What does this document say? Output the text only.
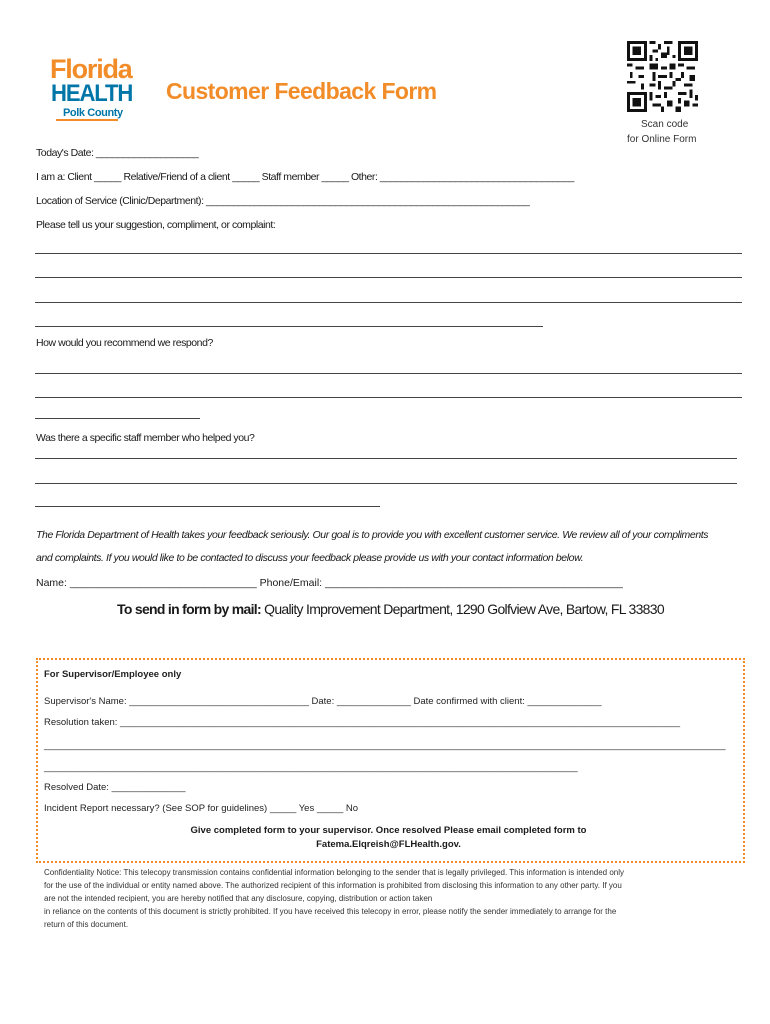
Florida
HEALTH
Polk County
Customer Feedback Form
Scan code
for Online Form
Today's Date: ___________________
I am a: Client _____ Relative/Friend of a client _____ Staff member _____ Other: ____________________________________
Location of Service (Clinic/Department): ____________________________________________________________
Please tell us your suggestion, compliment, or complaint:
How would you recommend we respond?
Was there a specific staff member who helped you?
The Florida Department of Health takes your feedback seriously. Our goal is to provide you with excellent customer service. We review all of your compliments
and complaints. If you would like to be contacted to discuss your feedback please provide us with your contact information below.
Name: ________________________________ Phone/Email: ___________________________________________________
To send in form by mail: Quality Improvement Department, 1290 Golfview Ave, Bartow, FL 33830
For Supervisor/Employee only
Supervisor's Name: __________________________________ Date: ______________ Date confirmed with client: ______________
Resolution taken: __________________________________________________________________________________________________________
_________________________________________________________________________________________________________________________________
_____________________________________________________________________________________________________
Resolved Date: ______________
Incident Report necessary? (See SOP for guidelines) _____ Yes _____ No
Give completed form to your supervisor. Once resolved Please email completed form to
Fatema.Elqreish@FLHealth.gov.
Confidentiality Notice: This telecopy transmission contains confidential information belonging to the sender that is legally privileged. This information is intended only
for the use of the individual or entity named above. The authorized recipient of this information is prohibited from disclosing this information to any other party. If you
are not the intended recipient, you are hereby notified that any disclosure, copying, distribution or action taken
in reliance on the contents of this document is strictly prohibited. If you have received this telecopy in error, please notify the sender immediately to arrange for the
return of this document.
